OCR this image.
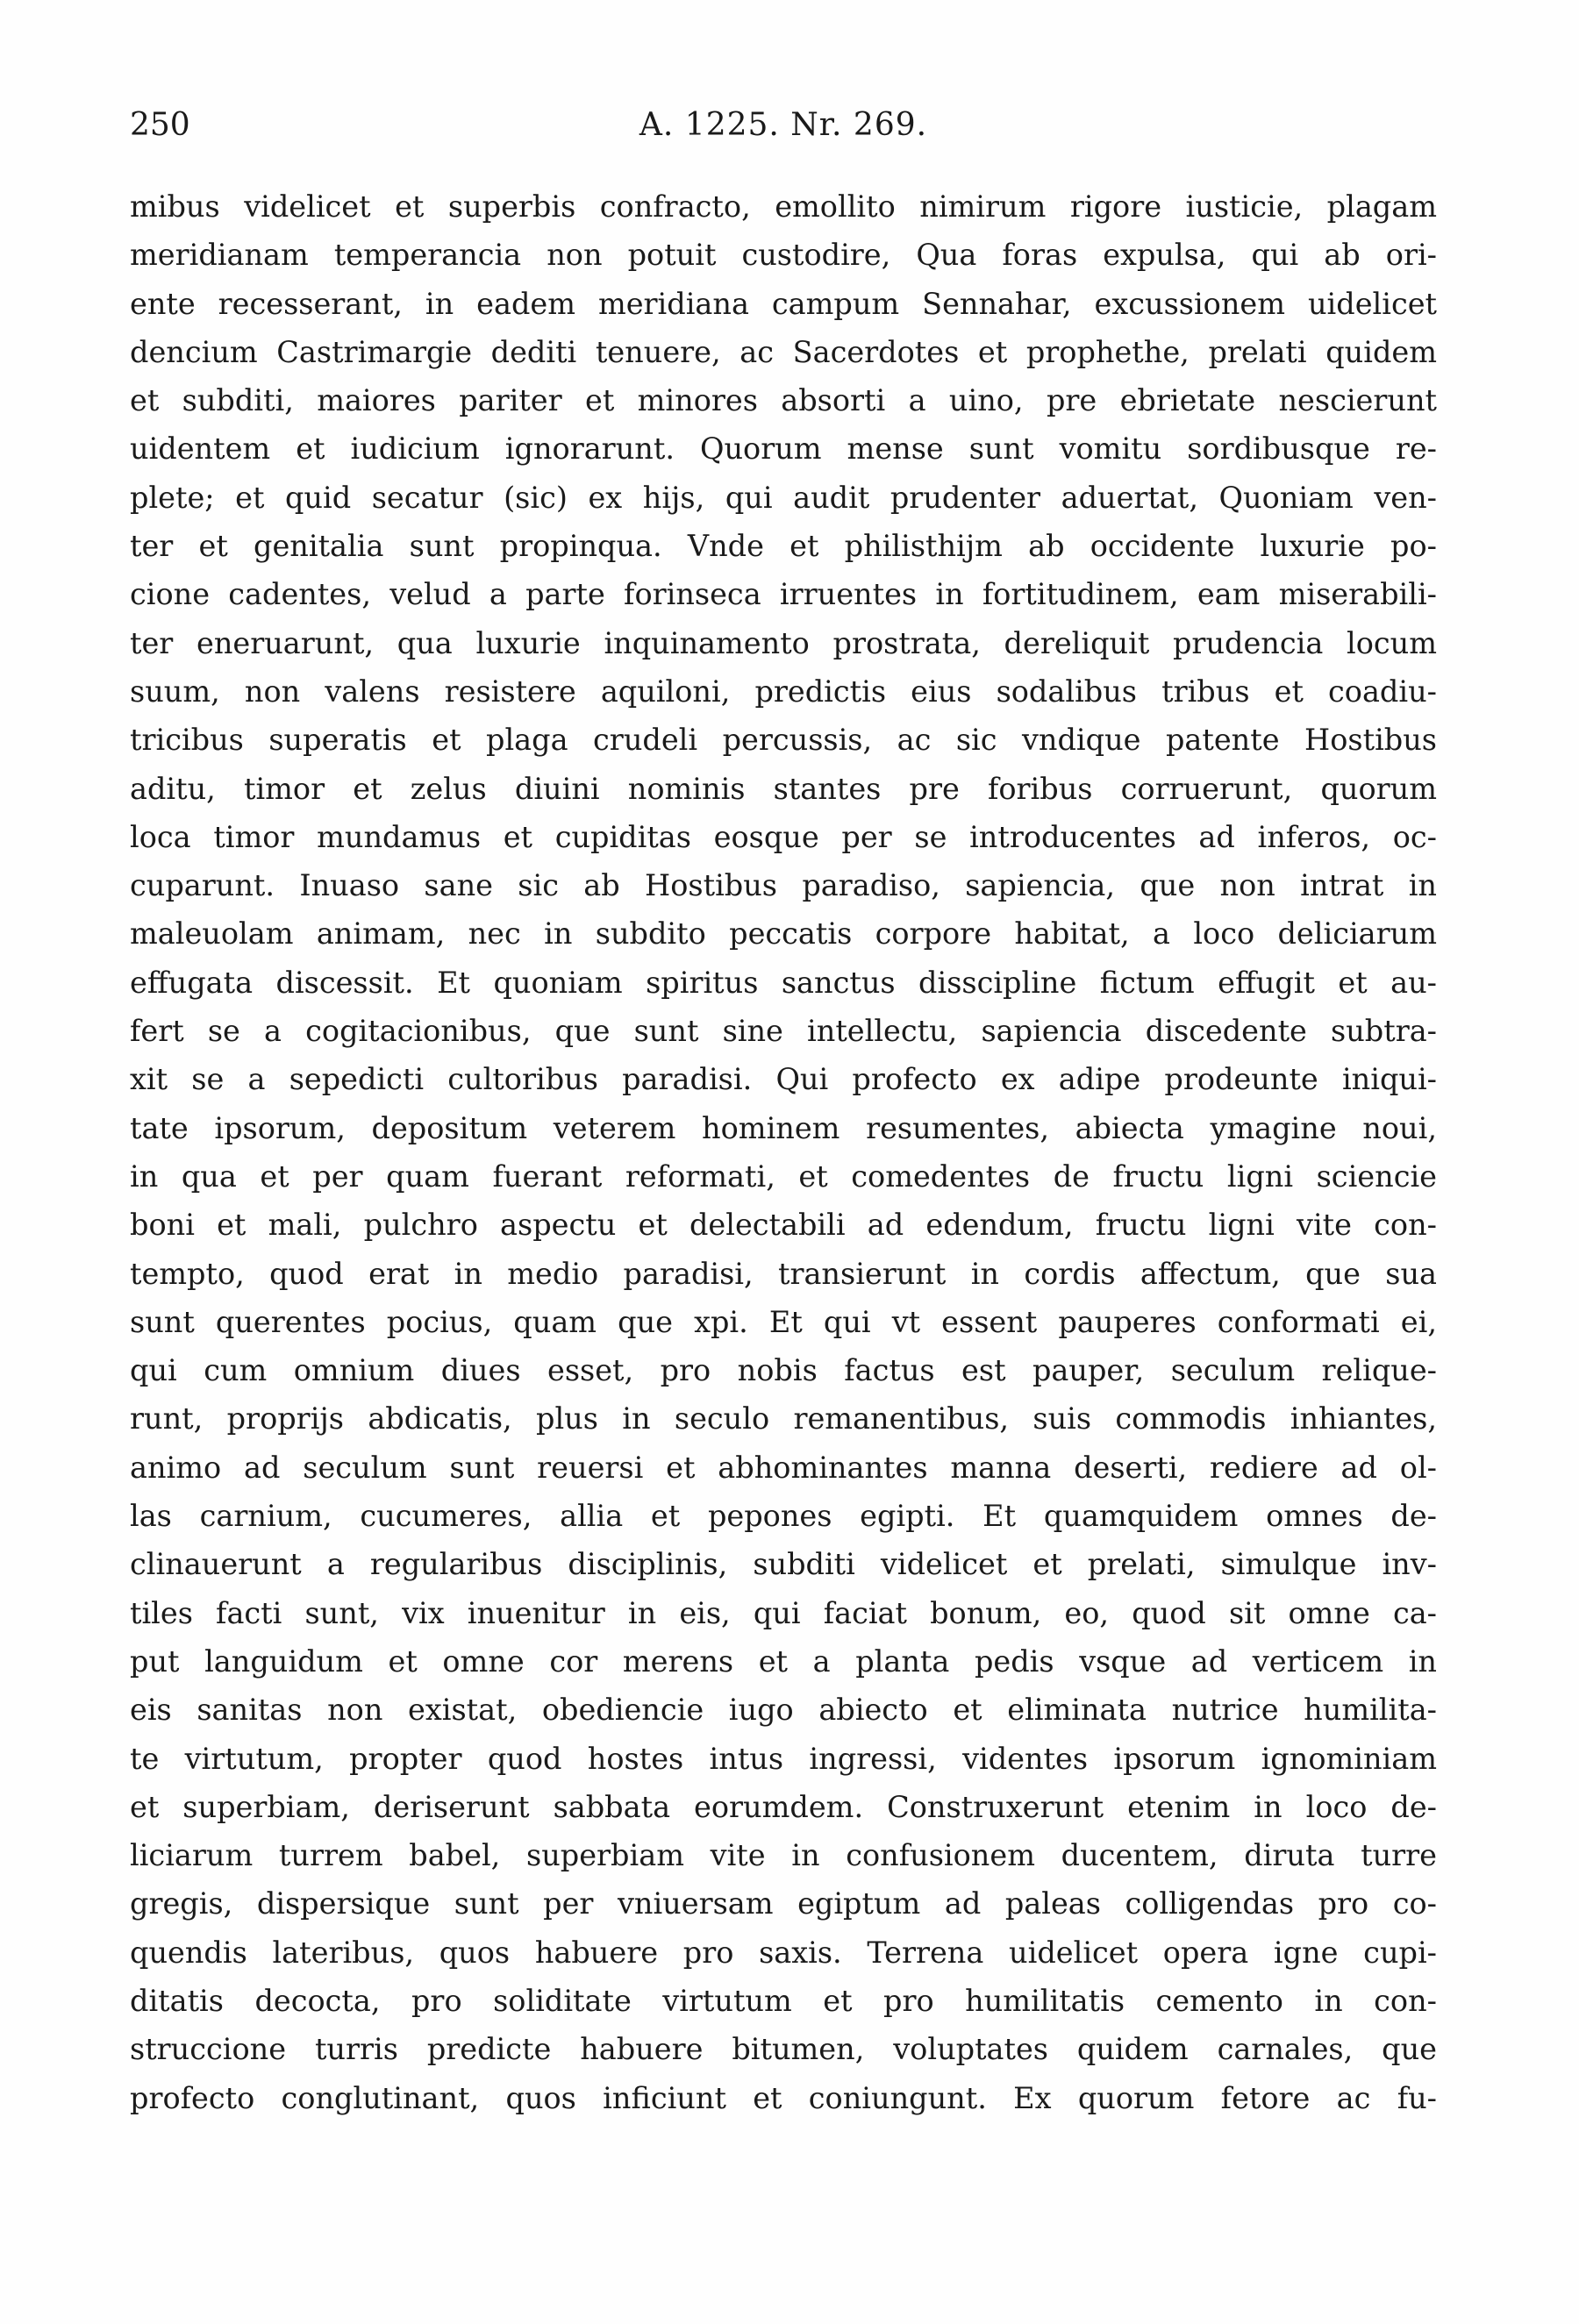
250	A. 1225. Nr. 269.
mibus videlicet et superbis confracto, emollito nimirum rigore iusticie, plagam
meridianam temperancia non potuit custodire, Qua foras expulsa, qui ab ori-
ente recesserant, in eadem meridiana campum Sennahar, excussionem uidelicet
dencium Castrimargie dediti tenuere, ac Sacerdotes et prophethe, prelati quidem
et subditi, maiores pariter et minores absorti a uino, pre ebrietate nescierunt
uidentem et iudicium ignorarunt. Quorum mense sunt vomitu sordibusque re-
plete; et quid secatur (sic) ex hijs, qui audit prudenter aduertat, Quoniam ven-
ter et genitalia sunt propinqua. Vnde et philisthijm ab occidente luxurie po-
cione cadentes, velud a parte forinseca irruentes in fortitudinem, eam miserabili-
ter eneruarunt, qua luxurie inquinamento prostrata, dereliquit prudencia locum
suum, non valens resistere aquiloni, predictis eius sodalibus tribus et coadiu-
tricibus superatis et plaga crudeli percussis, ac sic vndique patente Hostibus
aditu, timor et zelus diuini nominis stantes pre foribus corruerunt, quorum
loca timor mundamus et cupiditas eosque per se introducentes ad inferos, oc-
cuparunt. Inuaso sane sic ab Hostibus paradiso, sapiencia, que non intrat in
maleuolam animam, nec in subdito peccatis corpore habitat, a loco deliciarum
effugata discessit. Et quoniam spiritus sanctus disscipline fictum effugit et au-
fert se a cogitacionibus, que sunt sine intellectu, sapiencia discedente subtra-
xit se a sepedicti cultoribus paradisi. Qui profecto ex adipe prodeunte iniqui-
tate ipsorum, depositum veterem hominem resumentes, abiecta ymagine noui,
in qua et per quam fuerant reformati, et comedentes de fructu ligni sciencie
boni et mali, pulchro aspectu et delectabili ad edendum, fructu ligni vite con-
tempto, quod erat in medio paradisi, transierunt in cordis affectum, que sua
sunt querentes pocius, quam que xpi. Et qui vt essent pauperes conformati ei,
qui cum omnium diues esset, pro nobis factus est pauper, seculum reliquе-
runt, proprijs abdicatis, plus in seculo remanentibus, suis commodis inhiantes,
animo ad seculum sunt reuersi et abhominantes manna deserti, rediere ad ol-
las carnium, cucumeres, allia et pepones egipti. Et quamquidem omnes de-
clinauerunt a regularibus disciplinis, subditi videlicet et prelati, simulque inv-
tiles facti sunt, vix inuenitur in eis, qui faciat bonum, eo, quod sit omne ca-
put languidum et omne cor merens et a planta pedis vsque ad verticem in
eis sanitas non existat, obediencie iugo abiecto et eliminata nutrice humilita-
te virtutum, propter quod hostes intus ingressi, videntes ipsorum ignominiam
et superbiam, deriserunt sabbata eorumdem. Construxerunt etenim in loco de-
liciarum turrem babel, superbiam vite in confusionem ducentem, diruta turre
gregis, dispersique sunt per vniuersam egiptum ad paleas colligendas pro co-
quendis lateribus, quos habuere pro saxis. Terrena uidelicet opera igne cupi-
ditatis decocta, pro soliditate virtutum et pro humilitatis cemento in con-
struccione turris predicte habuere bitumen, voluptates quidem carnales, que
profecto conglutinant, quos inficiunt et coniungunt. Ex quorum fetore ac fu-
